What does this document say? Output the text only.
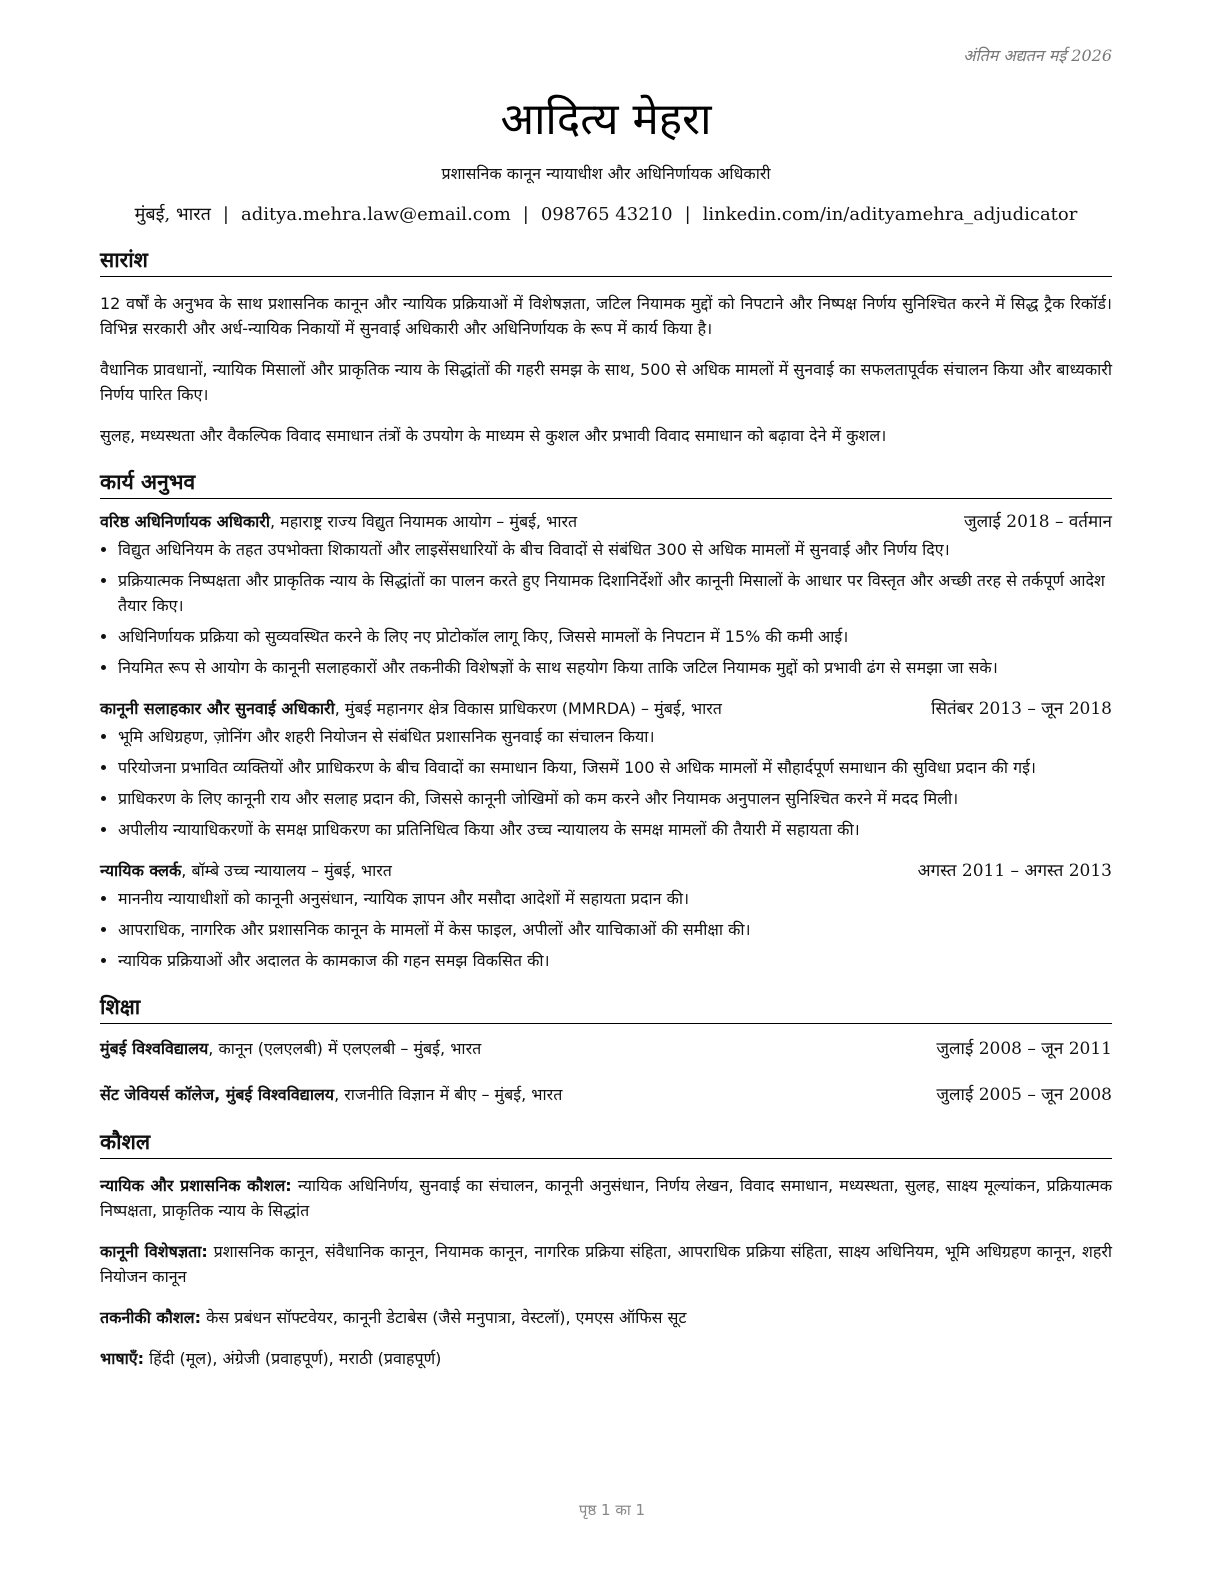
अंतिम अद्यतन मई 2026
आदित्य मेहरा
प्रशासनिक कानून न्यायाधीश और अधिनिर्णायक अधिकारी
मुंबई, भारत | aditya.mehra.law@email.com | 098765 43210 | linkedin.com/in/adityamehra_adjudicator
सारांश

12 वर्षों के अनुभव के साथ प्रशासनिक कानून और न्यायिक प्रक्रियाओं में विशेषज्ञता, जटिल नियामक मुद्दों को निपटाने और निष्पक्ष निर्णय सुनिश्चित करने में सिद्ध ट्रैक रिकॉर्ड। विभिन्न सरकारी और अर्ध-न्यायिक निकायों में सुनवाई अधिकारी और अधिनिर्णायक के रूप में कार्य किया है।

वैधानिक प्रावधानों, न्यायिक मिसालों और प्राकृतिक न्याय के सिद्धांतों की गहरी समझ के साथ, 500 से अधिक मामलों में सुनवाई का सफलतापूर्वक संचालन किया और बाध्यकारी निर्णय पारित किए।

सुलह, मध्यस्थता और वैकल्पिक विवाद समाधान तंत्रों के उपयोग के माध्यम से कुशल और प्रभावी विवाद समाधान को बढ़ावा देने में कुशल।

कार्य अनुभव
वरिष्ठ अधिनिर्णायक अधिकारी, महाराष्ट्र राज्य विद्युत नियामक आयोग – मुंबई, भारत	जुलाई 2018 – वर्तमान
• विद्युत अधिनियम के तहत उपभोक्ता शिकायतों और लाइसेंसधारियों के बीच विवादों से संबंधित 300 से अधिक मामलों में सुनवाई और निर्णय दिए।
• प्रक्रियात्मक निष्पक्षता और प्राकृतिक न्याय के सिद्धांतों का पालन करते हुए नियामक दिशानिर्देशों और कानूनी मिसालों के आधार पर विस्तृत और अच्छी तरह से तर्कपूर्ण आदेश तैयार किए।
• अधिनिर्णायक प्रक्रिया को सुव्यवस्थित करने के लिए नए प्रोटोकॉल लागू किए, जिससे मामलों के निपटान में 15% की कमी आई।
• नियमित रूप से आयोग के कानूनी सलाहकारों और तकनीकी विशेषज्ञों के साथ सहयोग किया ताकि जटिल नियामक मुद्दों को प्रभावी ढंग से समझा जा सके।
कानूनी सलाहकार और सुनवाई अधिकारी, मुंबई महानगर क्षेत्र विकास प्राधिकरण (MMRDA) – मुंबई, भारत	सितंबर 2013 – जून 2018
• भूमि अधिग्रहण, ज़ोनिंग और शहरी नियोजन से संबंधित प्रशासनिक सुनवाई का संचालन किया।
• परियोजना प्रभावित व्यक्तियों और प्राधिकरण के बीच विवादों का समाधान किया, जिसमें 100 से अधिक मामलों में सौहार्दपूर्ण समाधान की सुविधा प्रदान की गई।
• प्राधिकरण के लिए कानूनी राय और सलाह प्रदान की, जिससे कानूनी जोखिमों को कम करने और नियामक अनुपालन सुनिश्चित करने में मदद मिली।
• अपीलीय न्यायाधिकरणों के समक्ष प्राधिकरण का प्रतिनिधित्व किया और उच्च न्यायालय के समक्ष मामलों की तैयारी में सहायता की।
न्यायिक क्लर्क, बॉम्बे उच्च न्यायालय – मुंबई, भारत	अगस्त 2011 – अगस्त 2013
• माननीय न्यायाधीशों को कानूनी अनुसंधान, न्यायिक ज्ञापन और मसौदा आदेशों में सहायता प्रदान की।
• आपराधिक, नागरिक और प्रशासनिक कानून के मामलों में केस फाइल, अपीलों और याचिकाओं की समीक्षा की।
• न्यायिक प्रक्रियाओं और अदालत के कामकाज की गहन समझ विकसित की।
शिक्षा
मुंबई विश्वविद्यालय, कानून (एलएलबी) में एलएलबी – मुंबई, भारत	जुलाई 2008 – जून 2011
सेंट जेवियर्स कॉलेज, मुंबई विश्वविद्यालय, राजनीति विज्ञान में बीए – मुंबई, भारत	जुलाई 2005 – जून 2008
कौशल

न्यायिक और प्रशासनिक कौशल: न्यायिक अधिनिर्णय, सुनवाई का संचालन, कानूनी अनुसंधान, निर्णय लेखन, विवाद समाधान, मध्यस्थता, सुलह, साक्ष्य मूल्यांकन, प्रक्रियात्मक निष्पक्षता, प्राकृतिक न्याय के सिद्धांत

कानूनी विशेषज्ञता: प्रशासनिक कानून, संवैधानिक कानून, नियामक कानून, नागरिक प्रक्रिया संहिता, आपराधिक प्रक्रिया संहिता, साक्ष्य अधिनियम, भूमि अधिग्रहण कानून, शहरी नियोजन कानून

तकनीकी कौशल: केस प्रबंधन सॉफ्टवेयर, कानूनी डेटाबेस (जैसे मनुपात्रा, वेस्टलॉ), एमएस ऑफिस सूट

भाषाएँ: हिंदी (मूल), अंग्रेजी (प्रवाहपूर्ण), मराठी (प्रवाहपूर्ण)

पृष्ठ 1 का 1
